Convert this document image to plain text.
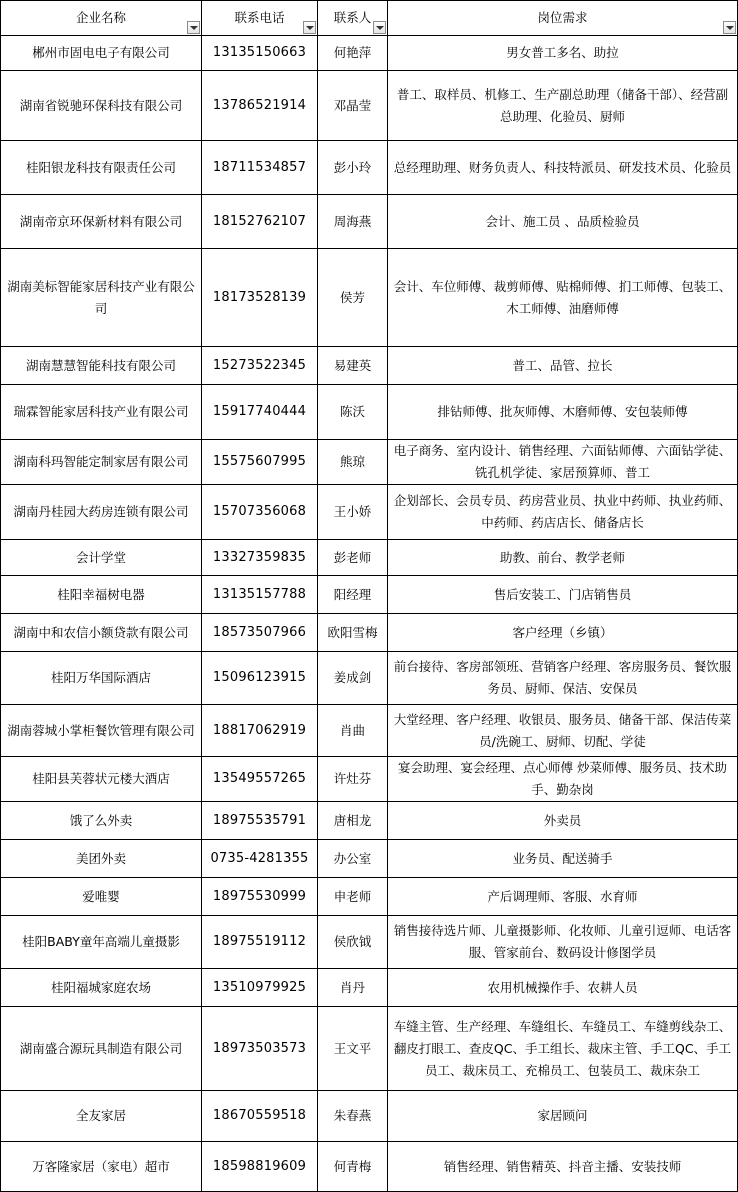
企业名称	联系电话	联系人	岗位需求

郴州市固电电子有限公司	13135150663	何艳萍	男女普工多名、助拉
湖南省锐驰环保科技有限公司	13786521914	邓晶莹	普工、取样员、机修工、生产副总助理（储备干部）、经营副总助理、化验员、厨师
桂阳银龙科技有限责任公司	18711534857	彭小玲	总经理助理、财务负责人、科技特派员、研发技术员、化验员
湖南帝京环保新材料有限公司	18152762107	周海燕	会计、施工员 、品质检验员
湖南美标智能家居科技产业有限公司	18173528139	侯芳	会计、车位师傅、裁剪师傅、贴棉师傅、扪工师傅、包装工、木工师傅、油磨师傅
湖南慧慧智能科技有限公司	15273522345	易建英	普工、品管、拉长
瑞霖智能家居科技产业有限公司	15917740444	陈沃	排钻师傅、批灰师傅、木磨师傅、安包装师傅
湖南科玛智能定制家居有限公司	15575607995	熊琼	电子商务、室内设计、销售经理、六面钻师傅、六面钻学徒、铣孔机学徒、家居预算师、普工
湖南丹桂园大药房连锁有限公司	15707356068	王小娇	企划部长、会员专员、药房营业员、执业中药师、执业药师、中药师、药店店长、储备店长
会计学堂	13327359835	彭老师	助教、前台、教学老师
桂阳幸福树电器	13135157788	阳经理	售后安装工、门店销售员
湖南中和农信小额贷款有限公司	18573507966	欧阳雪梅	客户经理（乡镇）
桂阳万华国际酒店	15096123915	姜成剑	前台接待、客房部领班、营销客户经理、客房服务员、餐饮服务员、厨师、保洁、安保员
湖南蓉城小掌柜餐饮管理有限公司	18817062919	肖曲	大堂经理、客户经理、收银员、服务员、储备干部、保洁传菜员/洗碗工、厨师、切配、学徒
桂阳县芙蓉状元楼大酒店	13549557265	许灶芬	宴会助理、宴会经理、点心师傅 炒菜师傅、服务员、技术助手、勤杂岗
饿了么外卖	18975535791	唐相龙	外卖员
美团外卖	0735-4281355	办公室	业务员、配送骑手
爱唯婴	18975530999	申老师	产后调理师、客服、水育师
桂阳BABY童年高端儿童摄影	18975519112	侯欣钺	销售接待选片师、儿童摄影师、化妆师、儿童引逗师、电话客服、管家前台、数码设计修图学员
桂阳福城家庭农场	13510979925	肖丹	农用机械操作手、农耕人员
湖南盛合源玩具制造有限公司	18973503573	王文平	车缝主管、生产经理、车缝组长、车缝员工、车缝剪线杂工、翻皮打眼工、查皮QC、手工组长、裁床主管、手工QC、手工员工、裁床员工、充棉员工、包装员工、裁床杂工
全友家居	18670559518	朱春燕	家居顾问
万客隆家居（家电）超市	18598819609	何青梅	销售经理、销售精英、抖音主播、安装技师
